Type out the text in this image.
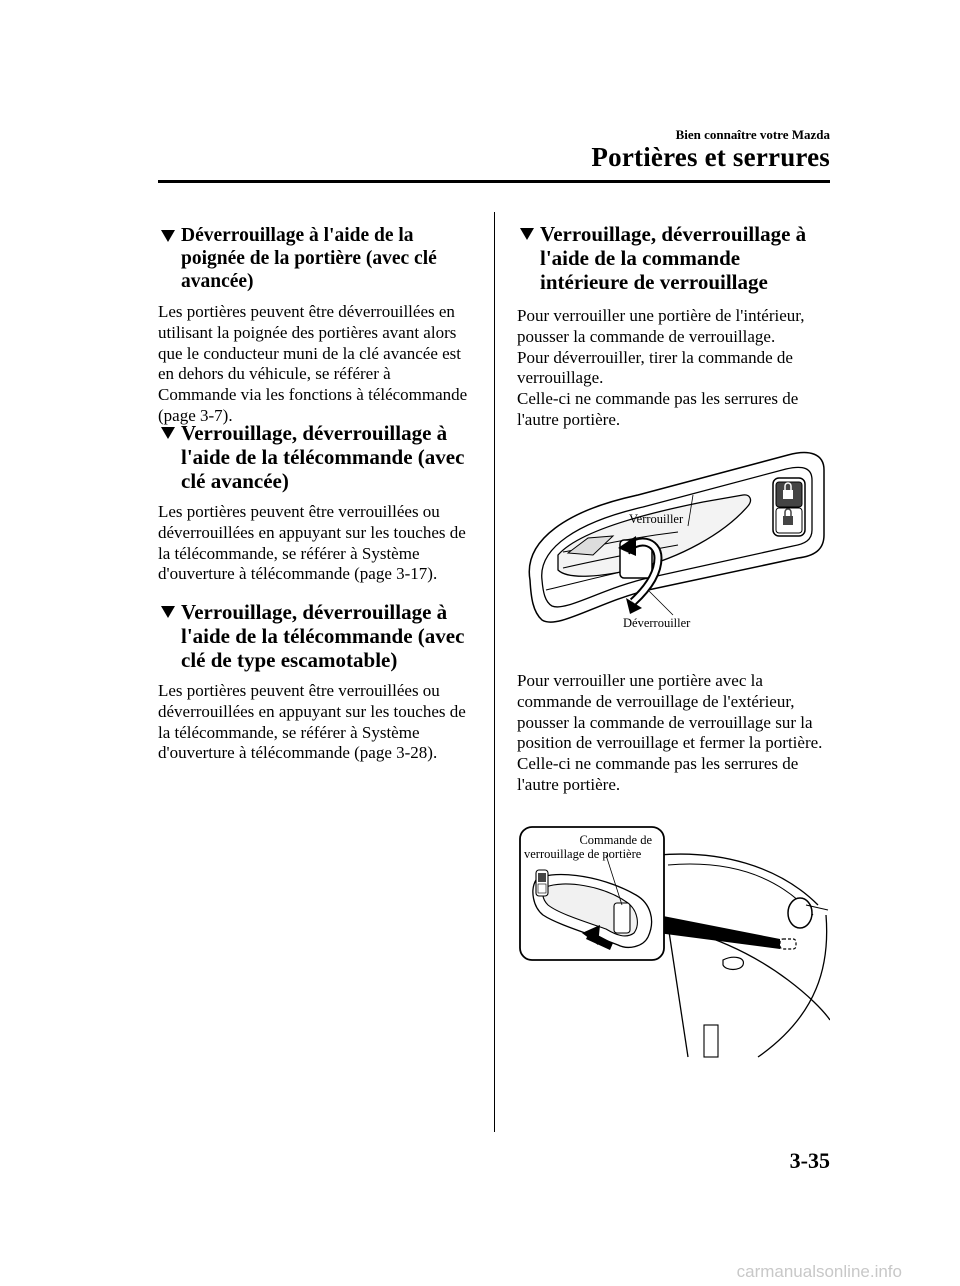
Bien connaître votre Mazda
Portières et serrures
Déverrouillage à l'aide de la poignée de la portière (avec clé avancée)

Les portières peuvent être déverrouillées en utilisant la poignée des portières avant alors que le conducteur muni de la clé avancée est en dehors du véhicule, se référer à Commande via les fonctions à télécommande (page 3-7).

Verrouillage, déverrouillage à l'aide de la télécommande (avec clé avancée)

Les portières peuvent être verrouillées ou déverrouillées en appuyant sur les touches de la télécommande, se référer à Système d'ouverture à télécommande (page 3-17).

Verrouillage, déverrouillage à l'aide de la télécommande (avec clé de type escamotable)

Les portières peuvent être verrouillées ou déverrouillées en appuyant sur les touches de la télécommande, se référer à Système d'ouverture à télécommande (page 3-28).

Verrouillage, déverrouillage à l'aide de la commande intérieure de verrouillage

Pour verrouiller une portière de l'intérieur, pousser la commande de verrouillage.

Pour déverrouiller, tirer la commande de verrouillage.

Celle-ci ne commande pas les serrures de l'autre portière.

Verrouiller
Déverrouiller

Pour verrouiller une portière avec la commande de verrouillage de l'extérieur, pousser la commande de verrouillage sur la position de verrouillage et fermer la portière.

Celle-ci ne commande pas les serrures de l'autre portière.

Commande de
verrouillage de portière
3-35
carmanualsonline.info
